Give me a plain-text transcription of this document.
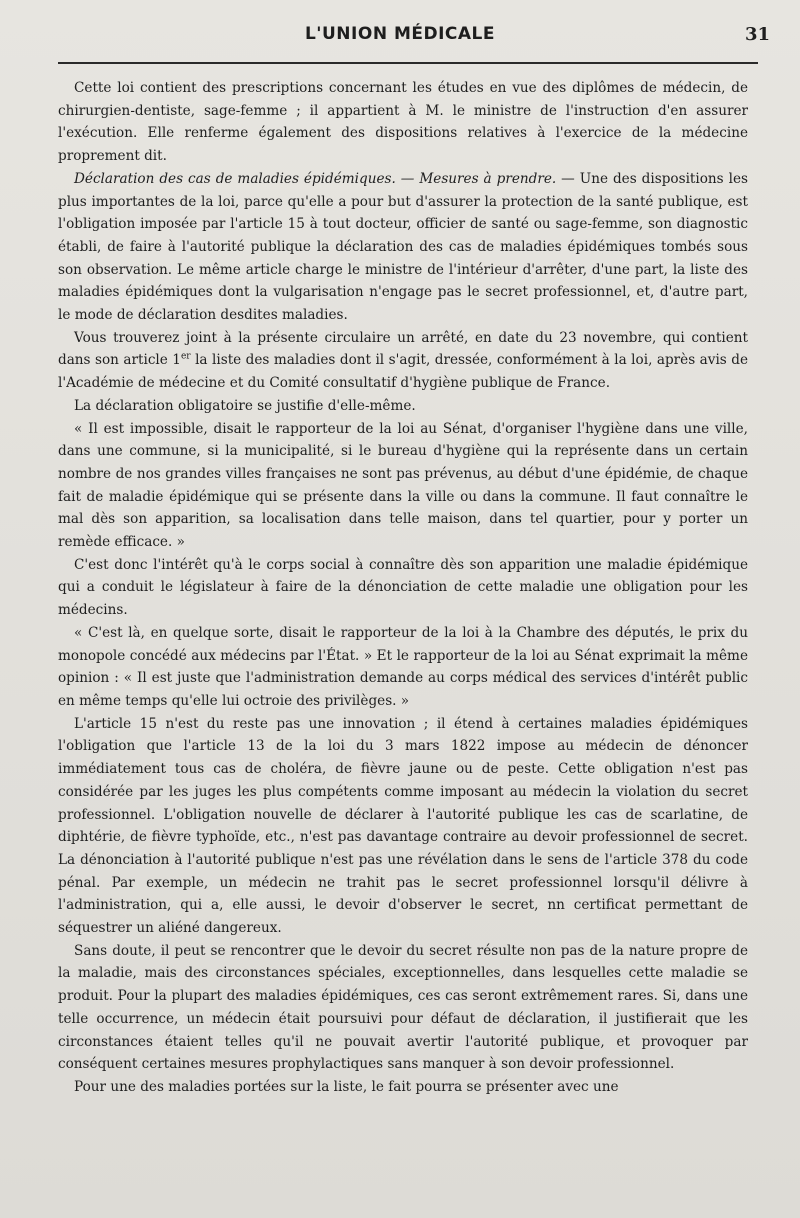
L'UNION MÉDICALE	31

Cette loi contient des prescriptions concernant les études en vue des diplômes de médecin, de chirurgien-dentiste, sage-femme ; il appartient à M. le ministre de l'instruction d'en assurer l'exécution. Elle renferme également des dispositions relatives à l'exercice de la médecine proprement dit.

Déclaration des cas de maladies épidémiques. — Mesures à prendre. — Une des dispositions les plus importantes de la loi, parce qu'elle a pour but d'assurer la protection de la santé publique, est l'obligation imposée par l'article 15 à tout docteur, officier de santé ou sage-femme, son diagnostic établi, de faire à l'autorité publique la déclaration des cas de maladies épidémiques tombés sous son observation. Le même article charge le ministre de l'intérieur d'arrêter, d'une part, la liste des maladies épidémiques dont la vulgarisation n'engage pas le secret professionnel, et, d'autre part, le mode de déclaration desdites maladies.

Vous trouverez joint à la présente circulaire un arrêté, en date du 23 novembre, qui contient dans son article 1er la liste des maladies dont il s'agit, dressée, conformément à la loi, après avis de l'Académie de médecine et du Comité consultatif d'hygiène publique de France.

La déclaration obligatoire se justifie d'elle-même.

« Il est impossible, disait le rapporteur de la loi au Sénat, d'organiser l'hygiène dans une ville, dans une commune, si la municipalité, si le bureau d'hygiène qui la représente dans un certain nombre de nos grandes villes françaises ne sont pas prévenus, au début d'une épidémie, de chaque fait de maladie épidémique qui se présente dans la ville ou dans la commune. Il faut connaître le mal dès son apparition, sa localisation dans telle maison, dans tel quartier, pour y porter un remède efficace. »

C'est donc l'intérêt qu'à le corps social à connaître dès son apparition une maladie épidémique qui a conduit le législateur à faire de la dénonciation de cette maladie une obligation pour les médecins.

« C'est là, en quelque sorte, disait le rapporteur de la loi à la Chambre des députés, le prix du monopole concédé aux médecins par l'État. » Et le rapporteur de la loi au Sénat exprimait la même opinion : « Il est juste que l'administration demande au corps médical des services d'intérêt public en même temps qu'elle lui octroie des privilèges. »

L'article 15 n'est du reste pas une innovation ; il étend à certaines maladies épidémiques l'obligation que l'article 13 de la loi du 3 mars 1822 impose au médecin de dénoncer immédiatement tous cas de choléra, de fièvre jaune ou de peste. Cette obligation n'est pas considérée par les juges les plus compétents comme imposant au médecin la violation du secret professionnel. L'obligation nouvelle de déclarer à l'autorité publique les cas de scarlatine, de diphtérie, de fièvre typhoïde, etc., n'est pas davantage contraire au devoir professionnel de secret. La dénonciation à l'autorité publique n'est pas une révélation dans le sens de l'article 378 du code pénal. Par exemple, un médecin ne trahit pas le secret professionnel lorsqu'il délivre à l'administration, qui a, elle aussi, le devoir d'observer le secret, nn certificat permettant de séquestrer un aliéné dangereux.

Sans doute, il peut se rencontrer que le devoir du secret résulte non pas de la nature propre de la maladie, mais des circonstances spéciales, exceptionnelles, dans lesquelles cette maladie se produit. Pour la plupart des maladies épidémiques, ces cas seront extrêmement rares. Si, dans une telle occurrence, un médecin était poursuivi pour défaut de déclaration, il justifierait que les circonstances étaient telles qu'il ne pouvait avertir l'autorité publique, et provoquer par conséquent certaines mesures prophylactiques sans manquer à son devoir professionnel.

Pour une des maladies portées sur la liste, le fait pourra se présenter avec une
